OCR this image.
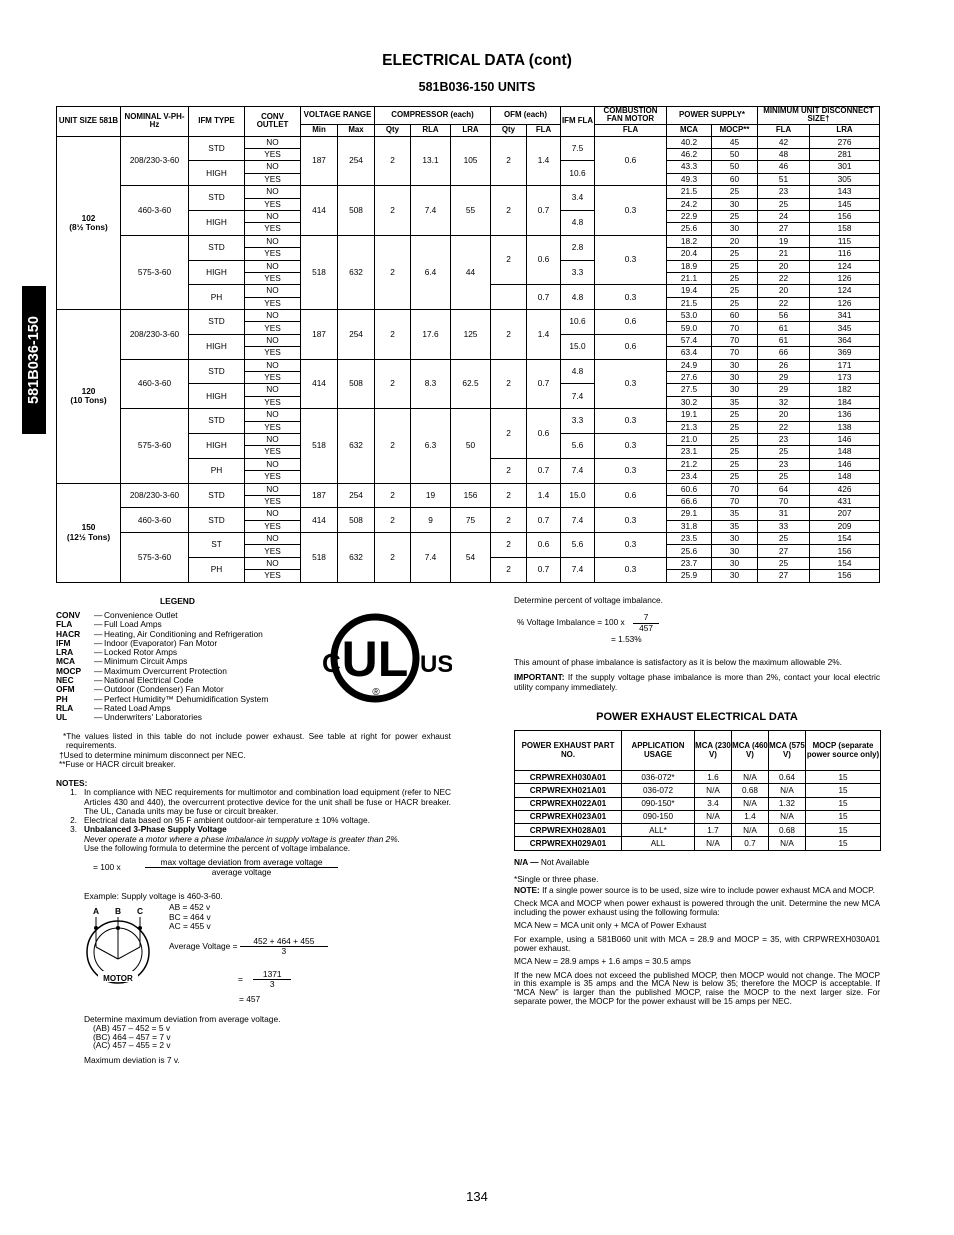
ELECTRICAL DATA (cont)
581B036-150 UNITS
581B036-150
UNIT SIZE 581B	NOMINAL V-PH-Hz	IFM TYPE	CONV OUTLET	VOLTAGE RANGE		COMPRESSOR (each)			OFM (each)		IFM FLA	COMBUSTION FAN MOTOR	POWER SUPPLY*		MINIMUM UNIT DISCONNECT SIZE†	
				Min	Max	Qty	RLA	LRA	Qty	FLA		FLA	MCA	MOCP**	FLA	LRA

102
(8½ Tons)	208/230-3-60	STD	NO	187	254	2	13.1	105	2	1.4	7.5	0.6	40.2	45	42	276
			YES										46.2	50	48	281
		HIGH	NO								10.6		43.3	50	46	301
			YES										49.3	60	51	305
	460-3-60	STD	NO	414	508	2	7.4	55	2	0.7	3.4	0.3	21.5	25	23	143
			YES										24.2	30	25	145
		HIGH	NO								4.8		22.9	25	24	156
			YES										25.6	30	27	158
	575-3-60	STD	NO	518	632	2	6.4	44	2	0.6	2.8	0.3	18.2	20	19	115
			YES										20.4	25	21	116
		HIGH	NO								3.3		18.9	25	20	124
			YES										21.1	25	22	126
		PH	NO							0.7	4.8	0.3	19.4	25	20	124
			YES										21.5	25	22	126

120
(10 Tons)	208/230-3-60	STD	NO	187	254	2	17.6	125	2	1.4	10.6	0.6	53.0	60	56	341
			YES										59.0	70	61	345
		HIGH	NO								15.0	0.6	57.4	70	61	364
			YES										63.4	70	66	369
	460-3-60	STD	NO	414	508	2	8.3	62.5	2	0.7	4.8	0.3	24.9	30	26	171
			YES										27.6	30	29	173
		HIGH	NO								7.4		27.5	30	29	182
			YES										30.2	35	32	184
	575-3-60	STD	NO	518	632	2	6.3	50	2	0.6	3.3	0.3	19.1	25	20	136
			YES										21.3	25	22	138
		HIGH	NO								5.6	0.3	21.0	25	23	146
			YES										23.1	25	25	148
		PH	NO						2	0.7	7.4	0.3	21.2	25	23	146
			YES										23.4	25	25	148

150
(12½ Tons)	208/230-3-60	STD	NO	187	254	2	19	156	2	1.4	15.0	0.6	60.6	70	64	426
			YES										66.6	70	70	431
	460-3-60	STD	NO	414	508	2	9	75	2	0.7	7.4	0.3	29.1	35	31	207
			YES										31.8	35	33	209
	575-3-60	ST	NO	518	632	2	7.4	54	2	0.6	5.6	0.3	23.5	30	25	154
			YES										25.6	30	27	156
		PH	NO						2	0.7	7.4	0.3	23.7	30	25	154
			YES										25.9	30	27	156
LEGEND
CONV	— Convenience Outlet
FLA	— Full Load Amps
HACR	— Heating, Air Conditioning and Refrigeration
IFM	— Indoor (Evaporator) Fan Motor
LRA	— Locked Rotor Amps
MCA	— Minimum Circuit Amps
MOCP	— Maximum Overcurrent Protection
NEC	— National Electrical Code
OFM	— Outdoor (Condenser) Fan Motor
PH	— Perfect Humidity™ Dehumidification System
RLA	— Rated Load Amps
UL	— Underwriters' Laboratories
UL
®
C	US

*The values listed in this table do not include power exhaust. See table at right for power exhaust requirements.

†Used to determine minimum disconnect per NEC.

**Fuse or HACR circuit breaker.

NOTES:
1. In compliance with NEC requirements for multimotor and combination load equipment (refer to NEC Articles 430 and 440), the overcurrent protective device for the unit shall be fuse or HACR breaker. The UL, Canada units may be fuse or circuit breaker.
2. Electrical data based on 95 F ambient outdoor-air temperature ± 10% voltage.
3. Unbalanced 3-Phase Supply Voltage
Never operate a motor where a phase imbalance in supply voltage is greater than 2%.
Use the following formula to determine the percent of voltage imbalance.
= 100 x	$\frac{\text{max voltage deviation from average voltage}}{\text{average voltage}}$
Example: Supply voltage is 460-3-60.
AB = 452 v
BC = 464 v
AC = 455 v
A B C
MOTOR
Average Voltage = $\frac{452 + 464 + 455}{3}$
= $\frac{1371}{3}$
= 457
Determine maximum deviation from average voltage.
(AB) 457 – 452 = 5 v
(BC) 464 – 457 = 7 v
(AC) 457 – 455 = 2 v
Maximum deviation is 7 v.

Determine percent of voltage imbalance.

% Voltage Imbalance = 100 x $\frac{7}{457}$
= 1.53%

This amount of phase imbalance is satisfactory as it is below the maximum allowable 2%.

IMPORTANT: If the supply voltage phase imbalance is more than 2%, contact your local electric utility company immediately.

POWER EXHAUST ELECTRICAL DATA
POWER EXHAUST PART NO.	APPLICATION USAGE	MCA (230 V)	MCA (460 V)	MCA (575 V)	MOCP (separate power source only)
CRPWREXH030A01	036-072*	1.6	N/A	0.64	15
CRPWREXH021A01	036-072	N/A	0.68	N/A	15
CRPWREXH022A01	090-150*	3.4	N/A	1.32	15
CRPWREXH023A01	090-150	N/A	1.4	N/A	15
CRPWREXH028A01	ALL*	1.7	N/A	0.68	15
CRPWREXH029A01	ALL	N/A	0.7	N/A	15

N/A — Not Available

*Single or three phase.

NOTE: If a single power source is to be used, size wire to include power exhaust MCA and MOCP.

Check MCA and MOCP when power exhaust is powered through the unit. Determine the new MCA including the power exhaust using the following formula:

MCA New = MCA unit only + MCA of Power Exhaust

For example, using a 581B060 unit with MCA = 28.9 and MOCP = 35, with CRPWREXH030A01 power exhaust.

MCA New = 28.9 amps + 1.6 amps = 30.5 amps

If the new MCA does not exceed the published MOCP, then MOCP would not change. The MOCP in this example is 35 amps and the MCA New is below 35; therefore the MOCP is acceptable. If “MCA New” is larger than the published MOCP, raise the MOCP to the next larger size. For separate power, the MOCP for the power exhaust will be 15 amps per NEC.

134
